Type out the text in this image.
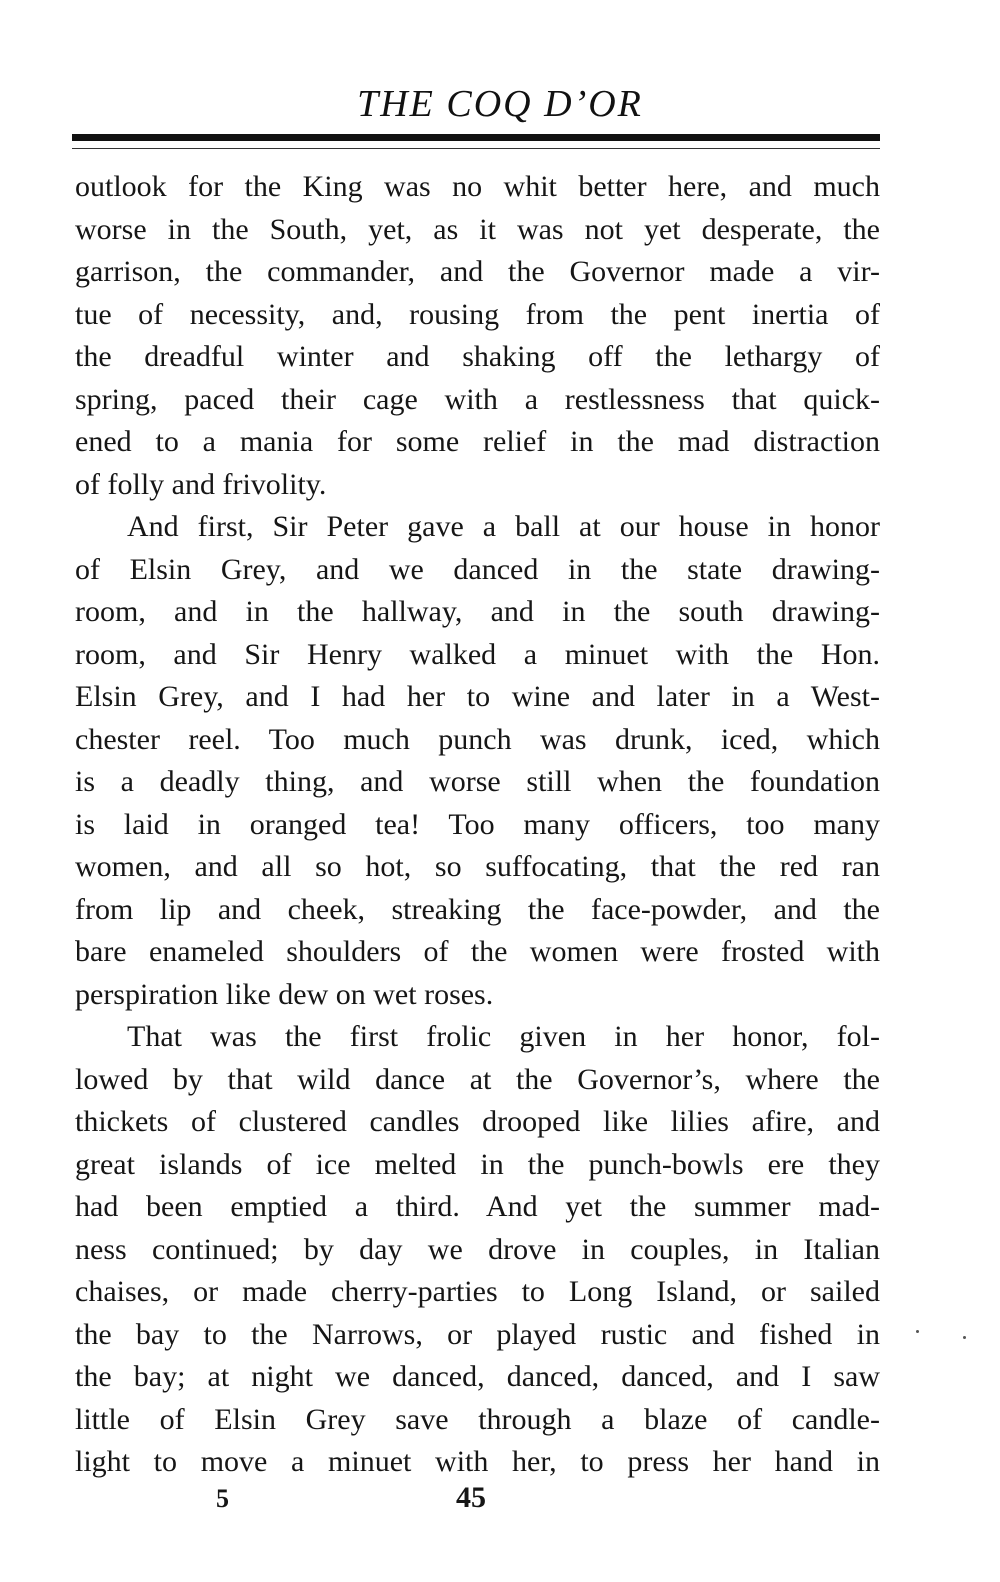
THE COQ D’OR
outlook for the King was no whit better here, and much
worse in the South, yet, as it was not yet desperate, the
garrison, the commander, and the Governor made a vir-
tue of necessity, and, rousing from the pent inertia of
the dreadful winter and shaking off the lethargy of
spring, paced their cage with a restlessness that quick-
ened to a mania for some relief in the mad distraction
of folly and frivolity.
And first, Sir Peter gave a ball at our house in honor
of Elsin Grey, and we danced in the state drawing-
room, and in the hallway, and in the south drawing-
room, and Sir Henry walked a minuet with the Hon.
Elsin Grey, and I had her to wine and later in a West-
chester reel. Too much punch was drunk, iced, which
is a deadly thing, and worse still when the foundation
is laid in oranged tea! Too many officers, too many
women, and all so hot, so suffocating, that the red ran
from lip and cheek, streaking the face-powder, and the
bare enameled shoulders of the women were frosted with
perspiration like dew on wet roses.
That was the first frolic given in her honor, fol-
lowed by that wild dance at the Governor’s, where the
thickets of clustered candles drooped like lilies afire, and
great islands of ice melted in the punch-bowls ere they
had been emptied a third. And yet the summer mad-
ness continued; by day we drove in couples, in Italian
chaises, or made cherry-parties to Long Island, or sailed
the bay to the Narrows, or played rustic and fished in
the bay; at night we danced, danced, danced, and I saw
little of Elsin Grey save through a blaze of candle-
light to move a minuet with her, to press her hand in
5	45
